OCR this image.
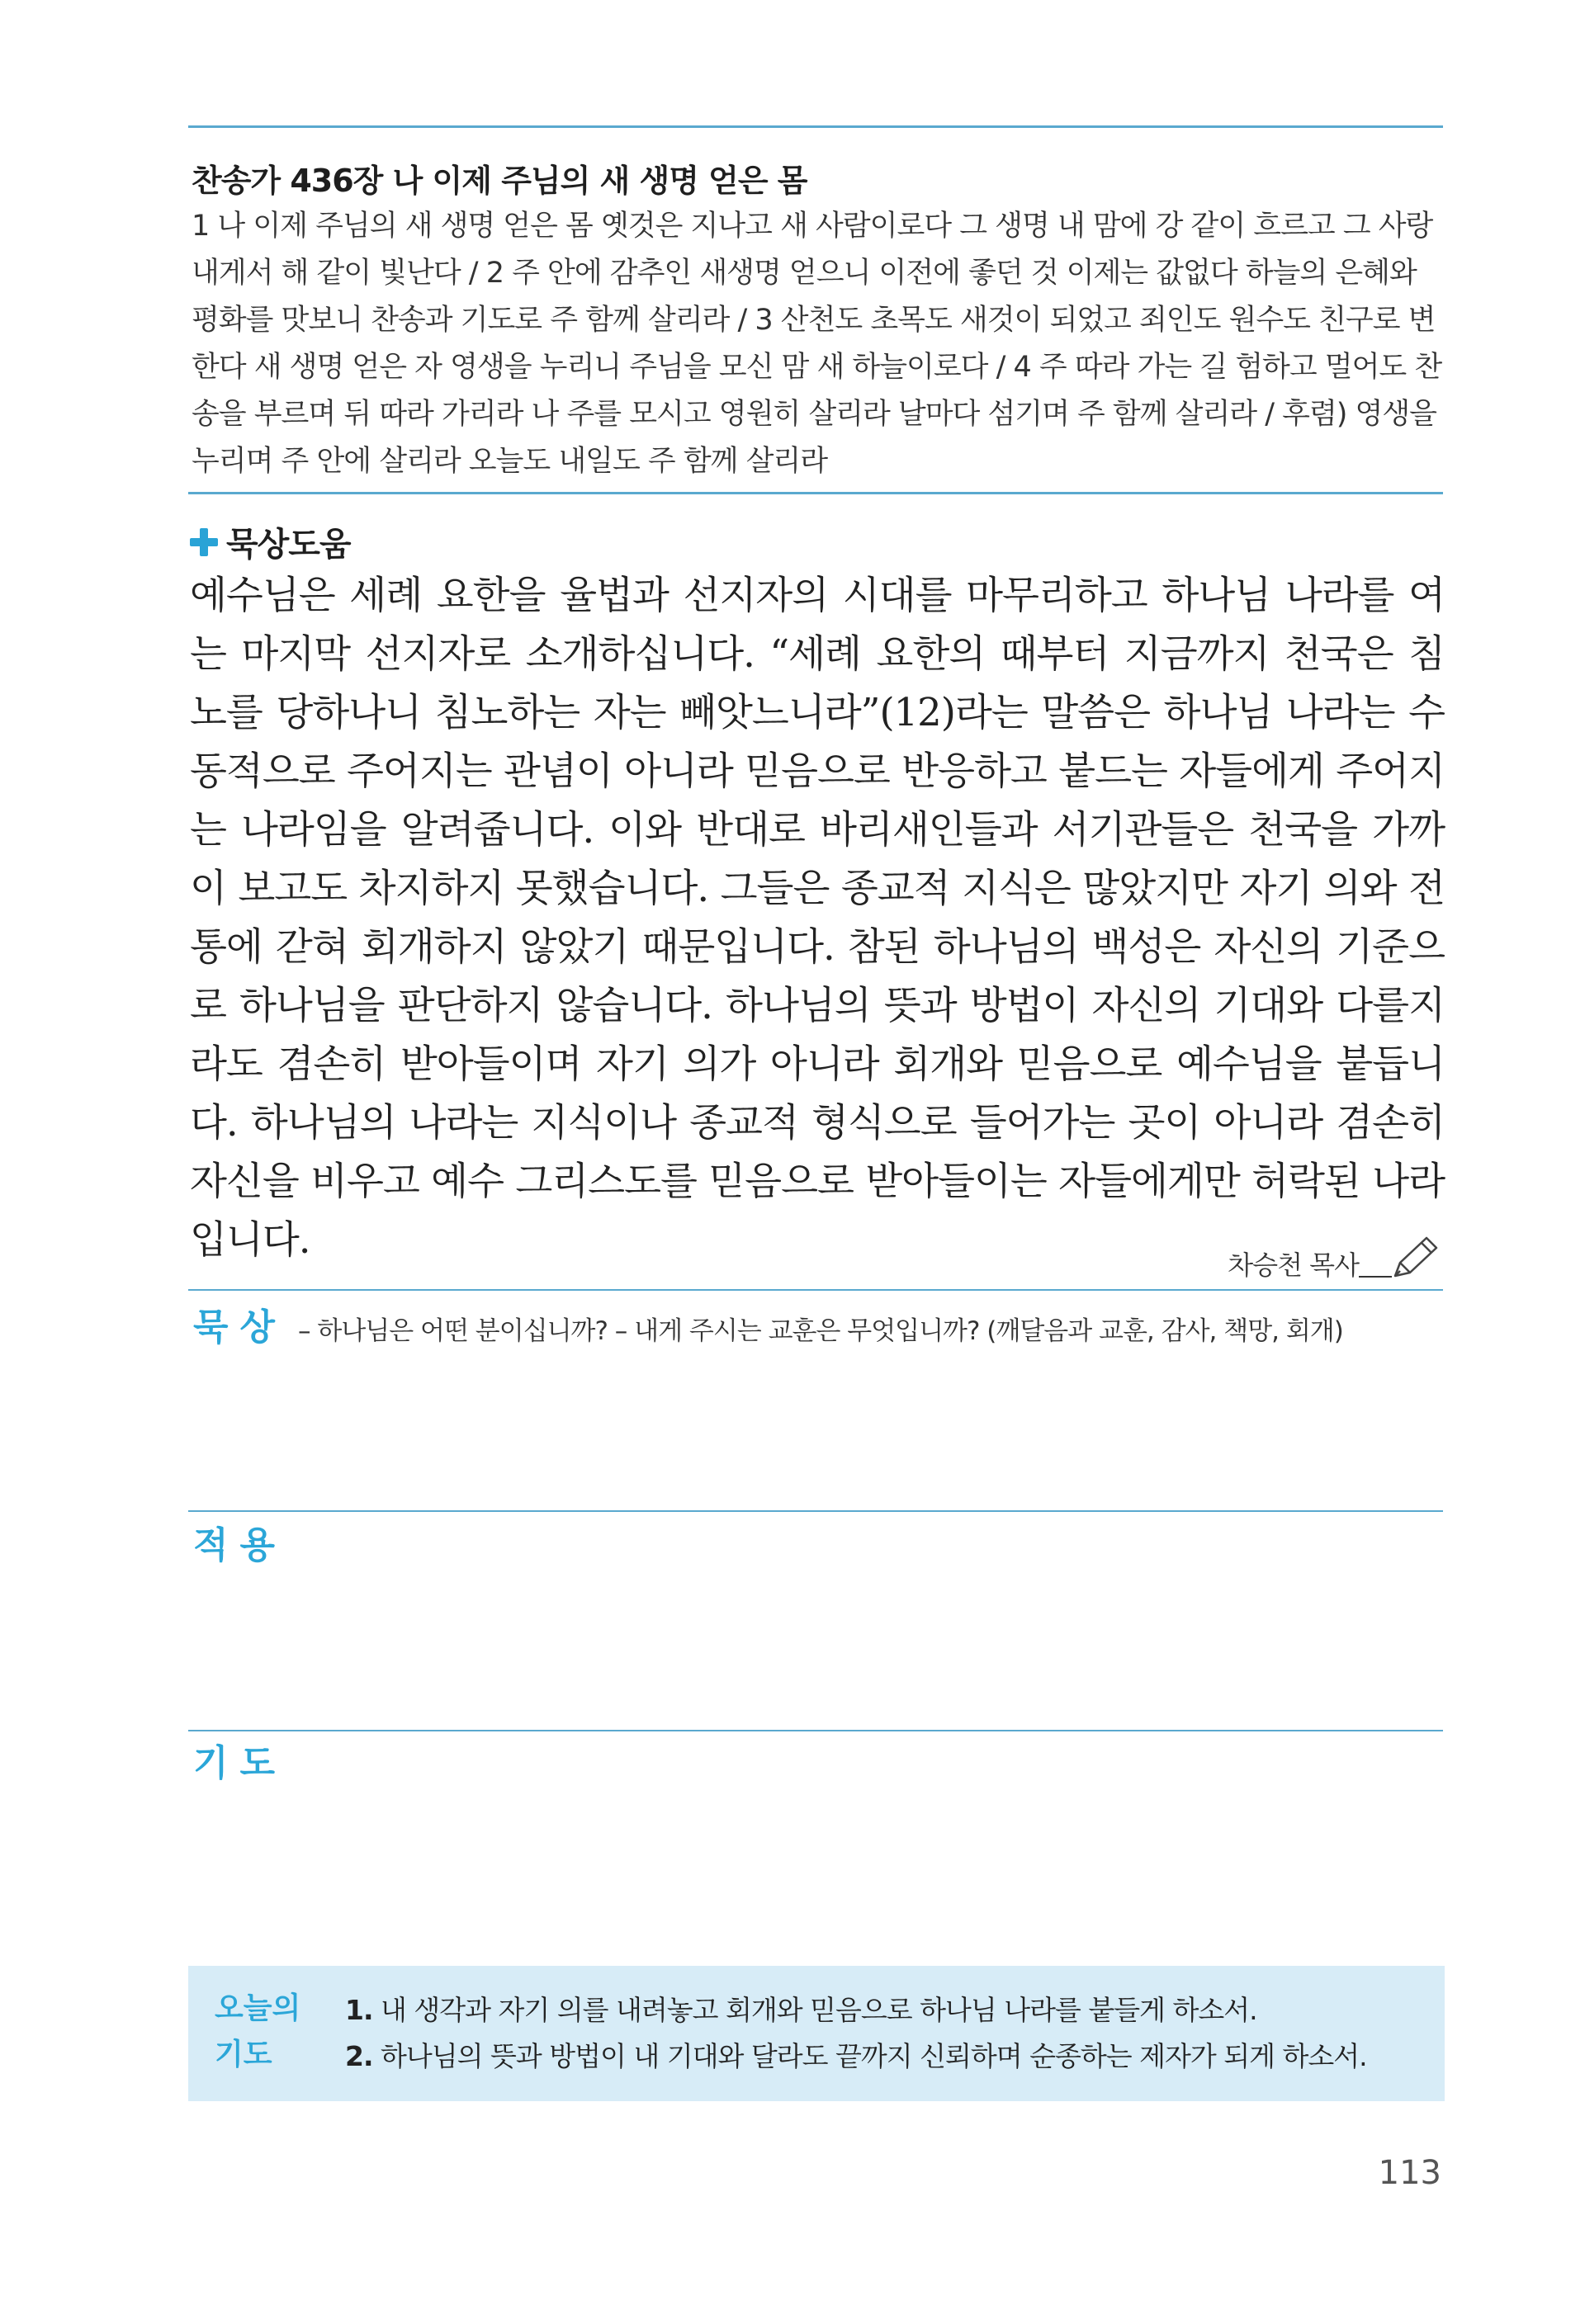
찬송가 436장 나 이제 주님의 새 생명 얻은 몸
1 나 이제 주님의 새 생명 얻은 몸 옛것은 지나고 새 사람이로다 그 생명 내 맘에 강 같이 흐르고 그 사랑 내게서 해 같이 빛난다 / 2 주 안에 감추인 새생명 얻으니 이전에 좋던 것 이제는 값없다 하늘의 은혜와 평화를 맛보니 찬송과 기도로 주 함께 살리라 / 3 산천도 초목도 새것이 되었고 죄인도 원수도 친구로 변한다 새 생명 얻은 자 영생을 누리니 주님을 모신 맘 새 하늘이로다 / 4 주 따라 가는 길 험하고 멀어도 찬송을 부르며 뒤 따라 가리라 나 주를 모시고 영원히 살리라 날마다 섬기며 주 함께 살리라 / 후렴) 영생을 누리며 주 안에 살리라 오늘도 내일도 주 함께 살리라
묵상도움
예수님은 세례 요한을 율법과 선지자의 시대를 마무리하고 하나님 나라를 여는 마지막 선지자로 소개하십니다. “세례 요한의 때부터 지금까지 천국은 침노를 당하나니 침노하는 자는 빼앗느니라”(12)라는 말씀은 하나님 나라는 수동적으로 주어지는 관념이 아니라 믿음으로 반응하고 붙드는 자들에게 주어지는 나라임을 알려줍니다. 이와 반대로 바리새인들과 서기관들은 천국을 가까이 보고도 차지하지 못했습니다. 그들은 종교적 지식은 많았지만 자기 의와 전통에 갇혀 회개하지 않았기 때문입니다. 참된 하나님의 백성은 자신의 기준으로 하나님을 판단하지 않습니다. 하나님의 뜻과 방법이 자신의 기대와 다를지라도 겸손히 받아들이며 자기 의가 아니라 회개와 믿음으로 예수님을 붙듭니다. 하나님의 나라는 지식이나 종교적 형식으로 들어가는 곳이 아니라 겸손히 자신을 비우고 예수 그리스도를 믿음으로 받아들이는 자들에게만 허락된 나라입니다.
차승천 목사
묵상 – 하나님은 어떤 분이십니까? – 내게 주시는 교훈은 무엇입니까? (깨달음과 교훈, 감사, 책망, 회개)
적용
기도
오늘의
기도
1. 내 생각과 자기 의를 내려놓고 회개와 믿음으로 하나님 나라를 붙들게 하소서.
2. 하나님의 뜻과 방법이 내 기대와 달라도 끝까지 신뢰하며 순종하는 제자가 되게 하소서.
113
